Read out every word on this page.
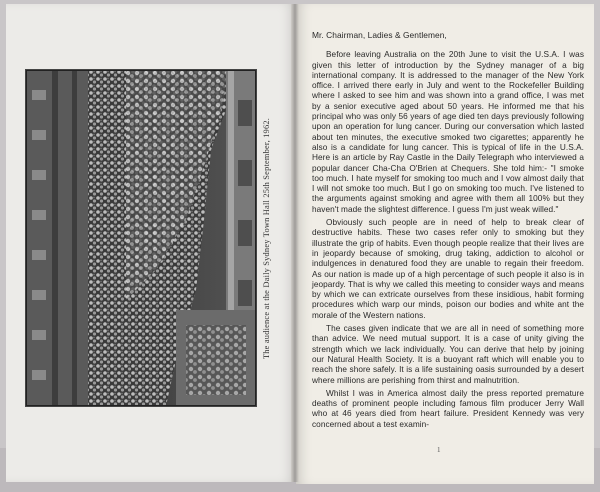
The audience at the Daily Sydney Town Hall 25th September, 1962.

Mr. Chairman, Ladies & Gentlemen,

Before leaving Australia on the 20th June to visit the U.S.A. I was given this letter of introduction by the Sydney manager of a big international company. It is addressed to the manager of the New York office. I arrived there early in July and went to the Rockefeller Building where I asked to see him and was shown into a grand office, I was met by a senior executive aged about 50 years. He informed me that his principal who was only 56 years of age died ten days previously following upon an operation for lung cancer. During our conversation which lasted about ten minutes, the executive smoked two cigarettes; apparently he also is a candidate for lung cancer. This is typical of life in the U.S.A. Here is an article by Ray Castle in the Daily Telegraph who interviewed a popular dancer Cha-Cha O'Brien at Chequers. She told him:- "I smoke too much. I hate myself for smoking too much and I vow almost daily that I will not smoke too much. But I go on smoking too much. I've listened to the arguments against smoking and agree with them all 100% but they haven't made the slightest difference. I guess I'm just weak willed."

Obviously such people are in need of help to break clear of destructive habits. These two cases refer only to smoking but they illustrate the grip of habits. Even though people realize that their lives are in jeopardy because of smoking, drug taking, addiction to alcohol or indulgences in denatured food they are unable to regain their freedom. As our nation is made up of a high percentage of such people it also is in jeopardy. That is why we called this meeting to consider ways and means by which we can extricate ourselves from these insidious, habit forming procedures which warp our minds, poison our bodies and white ant the morale of the Western nations.

The cases given indicate that we are all in need of something more than advice. We need mutual support. It is a case of unity giving the strength which we lack individually. You can derive that help by joining our Natural Health Society. It is a buoyant raft which will enable you to reach the shore safely. It is a life sustaining oasis surrounded by a desert where millions are perishing from thirst and malnutrition.

Whilst I was in America almost daily the press reported premature deaths of prominent people including famous film producer Jerry Wall who at 46 years died from heart failure. President Kennedy was very concerned about a test examin-

1
